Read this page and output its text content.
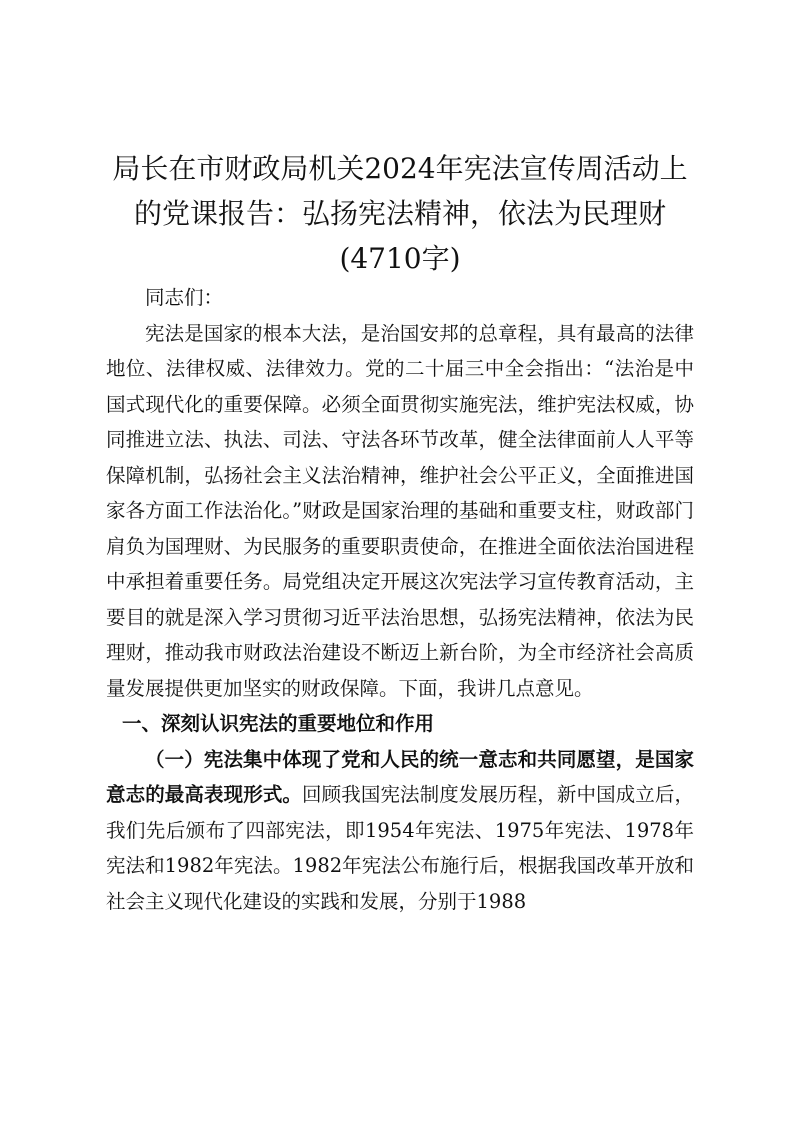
局长在市财政局机关2024年宪法宣传周活动上的党课报告：弘扬宪法精神，依法为民理财(4710字)

同志们：

宪法是国家的根本大法，是治国安邦的总章程，具有最高的法律地位、法律权威、法律效力。党的二十届三中全会指出：“法治是中国式现代化的重要保障。必须全面贯彻实施宪法，维护宪法权威，协同推进立法、执法、司法、守法各环节改革，健全法律面前人人平等保障机制，弘扬社会主义法治精神，维护社会公平正义，全面推进国家各方面工作法治化。”财政是国家治理的基础和重要支柱，财政部门肩负为国理财、为民服务的重要职责使命，在推进全面依法治国进程中承担着重要任务。局党组决定开展这次宪法学习宣传教育活动，主要目的就是深入学习贯彻习近平法治思想，弘扬宪法精神，依法为民理财，推动我市财政法治建设不断迈上新台阶，为全市经济社会高质量发展提供更加坚实的财政保障。下面，我讲几点意见。

一、深刻认识宪法的重要地位和作用

（一）宪法集中体现了党和人民的统一意志和共同愿望，是国家意志的最高表现形式。回顾我国宪法制度发展历程，新中国成立后，我们先后颁布了四部宪法，即1954年宪法、1975年宪法、1978年宪法和1982年宪法。1982年宪法公布施行后，根据我国改革开放和社会主义现代化建设的实践和发展，分别于1988
